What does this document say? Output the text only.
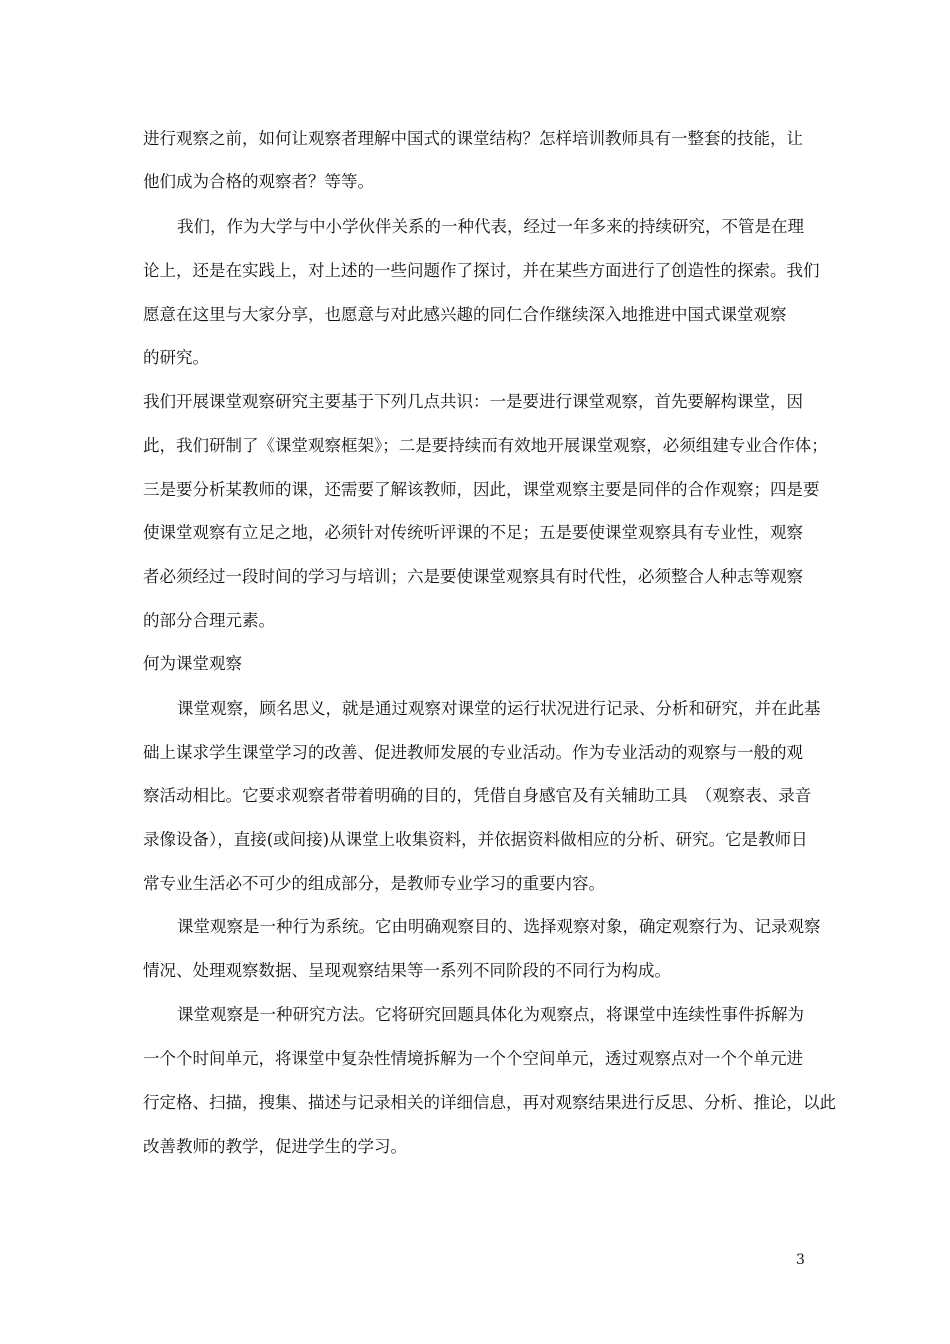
进行观察之前，如何让观察者理解中国式的课堂结构？怎样培训教师具有一整套的技能，让
他们成为合格的观察者？等等。
我们，作为大学与中小学伙伴关系的一种代表，经过一年多来的持续研究，不管是在理
论上，还是在实践上，对上述的一些问题作了探讨，并在某些方面进行了创造性的探索。我们
愿意在这里与大家分享，也愿意与对此感兴趣的同仁合作继续深入地推进中国式课堂观察
的研究。
我们开展课堂观察研究主要基于下列几点共识：一是要进行课堂观察，首先要解构课堂，因
此，我们研制了《课堂观察框架》；二是要持续而有效地开展课堂观察，必须组建专业合作体；
三是要分析某教师的课，还需要了解该教师，因此，课堂观察主要是同伴的合作观察；四是要
使课堂观察有立足之地，必须针对传统听评课的不足；五是要使课堂观察具有专业性，观察
者必须经过一段时间的学习与培训；六是要使课堂观察具有时代性，必须整合人种志等观察
的部分合理元素。
何为课堂观察
课堂观察，顾名思义，就是通过观察对课堂的运行状况进行记录、分析和研究，并在此基
础上谋求学生课堂学习的改善、促进教师发展的专业活动。作为专业活动的观察与一般的观
察活动相比。它要求观察者带着明确的目的，凭借自身感官及有关辅助工具　（观察表、录音
录像设备），直接(或间接)从课堂上收集资料，并依据资料做相应的分析、研究。它是教师日
常专业生活必不可少的组成部分，是教师专业学习的重要内容。
课堂观察是一种行为系统。它由明确观察目的、选择观察对象，确定观察行为、记录观察
情况、处理观察数据、呈现观察结果等一系列不同阶段的不同行为构成。
课堂观察是一种研究方法。它将研究回题具体化为观察点，将课堂中连续性事件拆解为
一个个时间单元，将课堂中复杂性情境拆解为一个个空间单元，透过观察点对一个个单元进
行定格、扫描，搜集、描述与记录相关的详细信息，再对观察结果进行反思、分析、推论，以此
改善教师的教学，促进学生的学习。
3
